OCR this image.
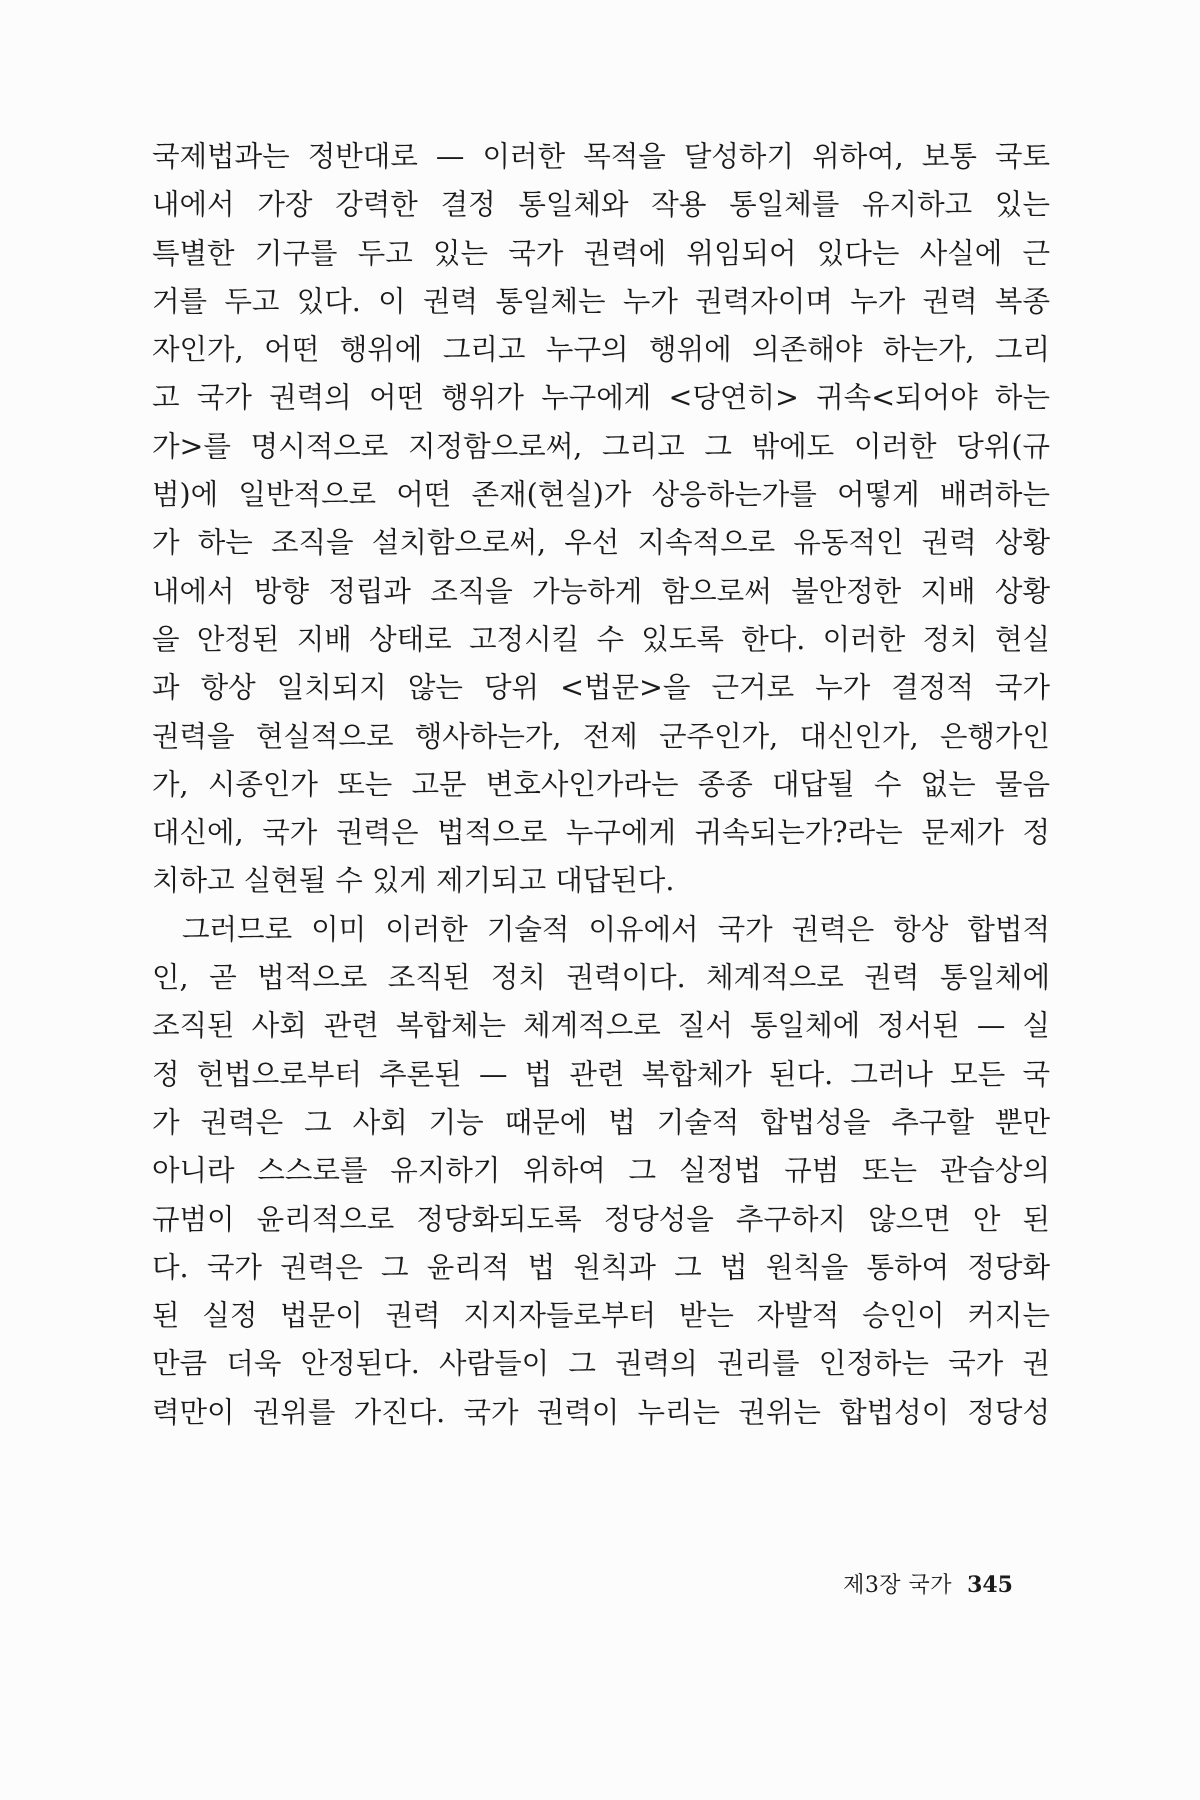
국제법과는 정반대로 — 이러한 목적을 달성하기 위하여, 보통 국토
내에서 가장 강력한 결정 통일체와 작용 통일체를 유지하고 있는
특별한 기구를 두고 있는 국가 권력에 위임되어 있다는 사실에 근
거를 두고 있다. 이 권력 통일체는 누가 권력자이며 누가 권력 복종
자인가, 어떤 행위에 그리고 누구의 행위에 의존해야 하는가, 그리
고 국가 권력의 어떤 행위가 누구에게 <당연히> 귀속<되어야 하는
가>를 명시적으로 지정함으로써, 그리고 그 밖에도 이러한 당위(규
범)에 일반적으로 어떤 존재(현실)가 상응하는가를 어떻게 배려하는
가 하는 조직을 설치함으로써, 우선 지속적으로 유동적인 권력 상황
내에서 방향 정립과 조직을 가능하게 함으로써 불안정한 지배 상황
을 안정된 지배 상태로 고정시킬 수 있도록 한다. 이러한 정치 현실
과 항상 일치되지 않는 당위 <법문>을 근거로 누가 결정적 국가
권력을 현실적으로 행사하는가, 전제 군주인가, 대신인가, 은행가인
가, 시종인가 또는 고문 변호사인가라는 종종 대답될 수 없는 물음
대신에, 국가 권력은 법적으로 누구에게 귀속되는가?라는 문제가 정
치하고 실현될 수 있게 제기되고 대답된다.
그러므로 이미 이러한 기술적 이유에서 국가 권력은 항상 합법적
인, 곧 법적으로 조직된 정치 권력이다. 체계적으로 권력 통일체에
조직된 사회 관련 복합체는 체계적으로 질서 통일체에 정서된 — 실
정 헌법으로부터 추론된 — 법 관련 복합체가 된다. 그러나 모든 국
가 권력은 그 사회 기능 때문에 법 기술적 합법성을 추구할 뿐만
아니라 스스로를 유지하기 위하여 그 실정법 규범 또는 관습상의
규범이 윤리적으로 정당화되도록 정당성을 추구하지 않으면 안 된
다. 국가 권력은 그 윤리적 법 원칙과 그 법 원칙을 통하여 정당화
된 실정 법문이 권력 지지자들로부터 받는 자발적 승인이 커지는
만큼 더욱 안정된다. 사람들이 그 권력의 권리를 인정하는 국가 권
력만이 권위를 가진다. 국가 권력이 누리는 권위는 합법성이 정당성
제3장 국가 345
